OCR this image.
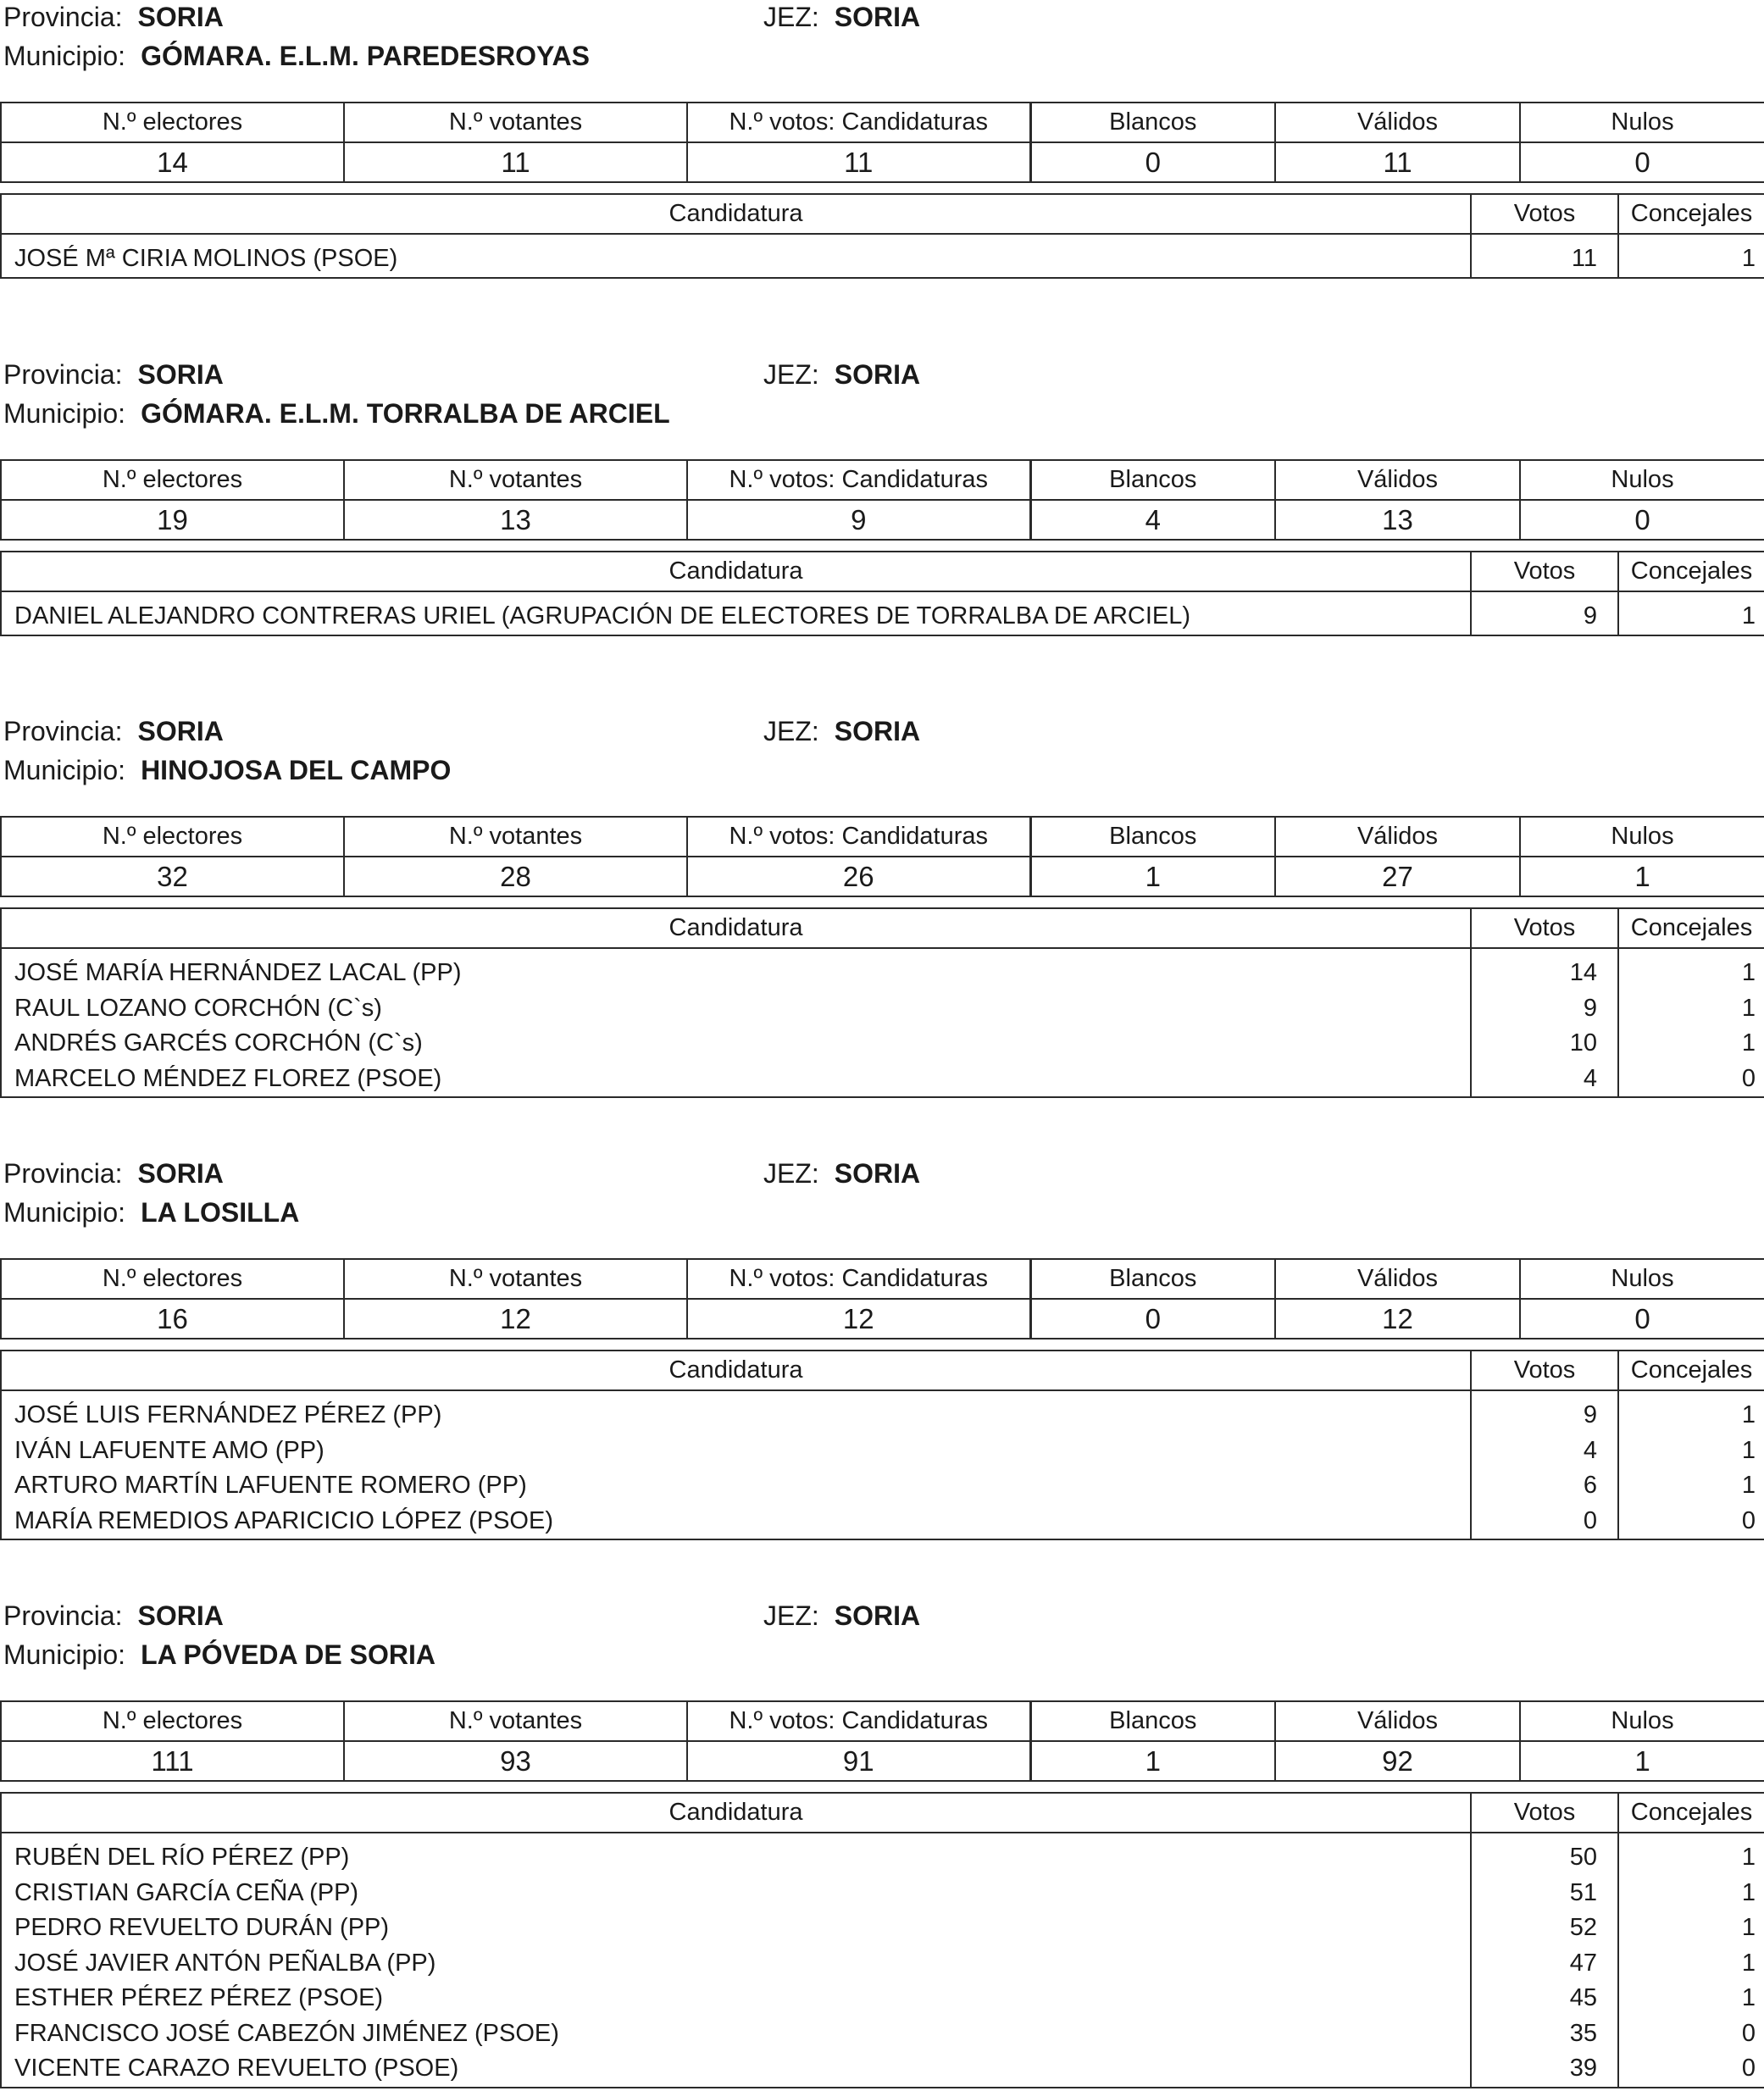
Provincia: SORIA	JEZ: SORIA
Municipio: GÓMARA. E.L.M. PAREDESROYAS
N.º electores	N.º votantes	N.º votos: Candidaturas	Blancos	Válidos	Nulos
14	11	11	0	11	0
Candidatura	Votos	Concejales
JOSÉ Mª CIRIA MOLINOS (PSOE)	11	1
Provincia: SORIA	JEZ: SORIA
Municipio: GÓMARA. E.L.M. TORRALBA DE ARCIEL
N.º electores	N.º votantes	N.º votos: Candidaturas	Blancos	Válidos	Nulos
19	13	9	4	13	0
Candidatura	Votos	Concejales
DANIEL ALEJANDRO CONTRERAS URIEL (AGRUPACIÓN DE ELECTORES DE TORRALBA DE ARCIEL)	9	1
Provincia: SORIA	JEZ: SORIA
Municipio: HINOJOSA DEL CAMPO
N.º electores	N.º votantes	N.º votos: Candidaturas	Blancos	Válidos	Nulos
32	28	26	1	27	1
Candidatura	Votos	Concejales
JOSÉ MARÍA HERNÁNDEZ LACAL (PP)	14	1
RAUL LOZANO CORCHÓN (C`s)	9	1
ANDRÉS GARCÉS CORCHÓN (C`s)	10	1
MARCELO MÉNDEZ FLOREZ (PSOE)	4	0
Provincia: SORIA	JEZ: SORIA
Municipio: LA LOSILLA
N.º electores	N.º votantes	N.º votos: Candidaturas	Blancos	Válidos	Nulos
16	12	12	0	12	0
Candidatura	Votos	Concejales
JOSÉ LUIS FERNÁNDEZ PÉREZ (PP)	9	1
IVÁN LAFUENTE AMO (PP)	4	1
ARTURO MARTÍN LAFUENTE ROMERO (PP)	6	1
MARÍA REMEDIOS APARICICIO LÓPEZ (PSOE)	0	0
Provincia: SORIA	JEZ: SORIA
Municipio: LA PÓVEDA DE SORIA
N.º electores	N.º votantes	N.º votos: Candidaturas	Blancos	Válidos	Nulos
111	93	91	1	92	1
Candidatura	Votos	Concejales
RUBÉN DEL RÍO PÉREZ (PP)	50	1
CRISTIAN GARCÍA CEÑA (PP)	51	1
PEDRO REVUELTO DURÁN (PP)	52	1
JOSÉ JAVIER ANTÓN PEÑALBA (PP)	47	1
ESTHER PÉREZ PÉREZ (PSOE)	45	1
FRANCISCO JOSÉ CABEZÓN JIMÉNEZ (PSOE)	35	0
VICENTE CARAZO REVUELTO (PSOE)	39	0
